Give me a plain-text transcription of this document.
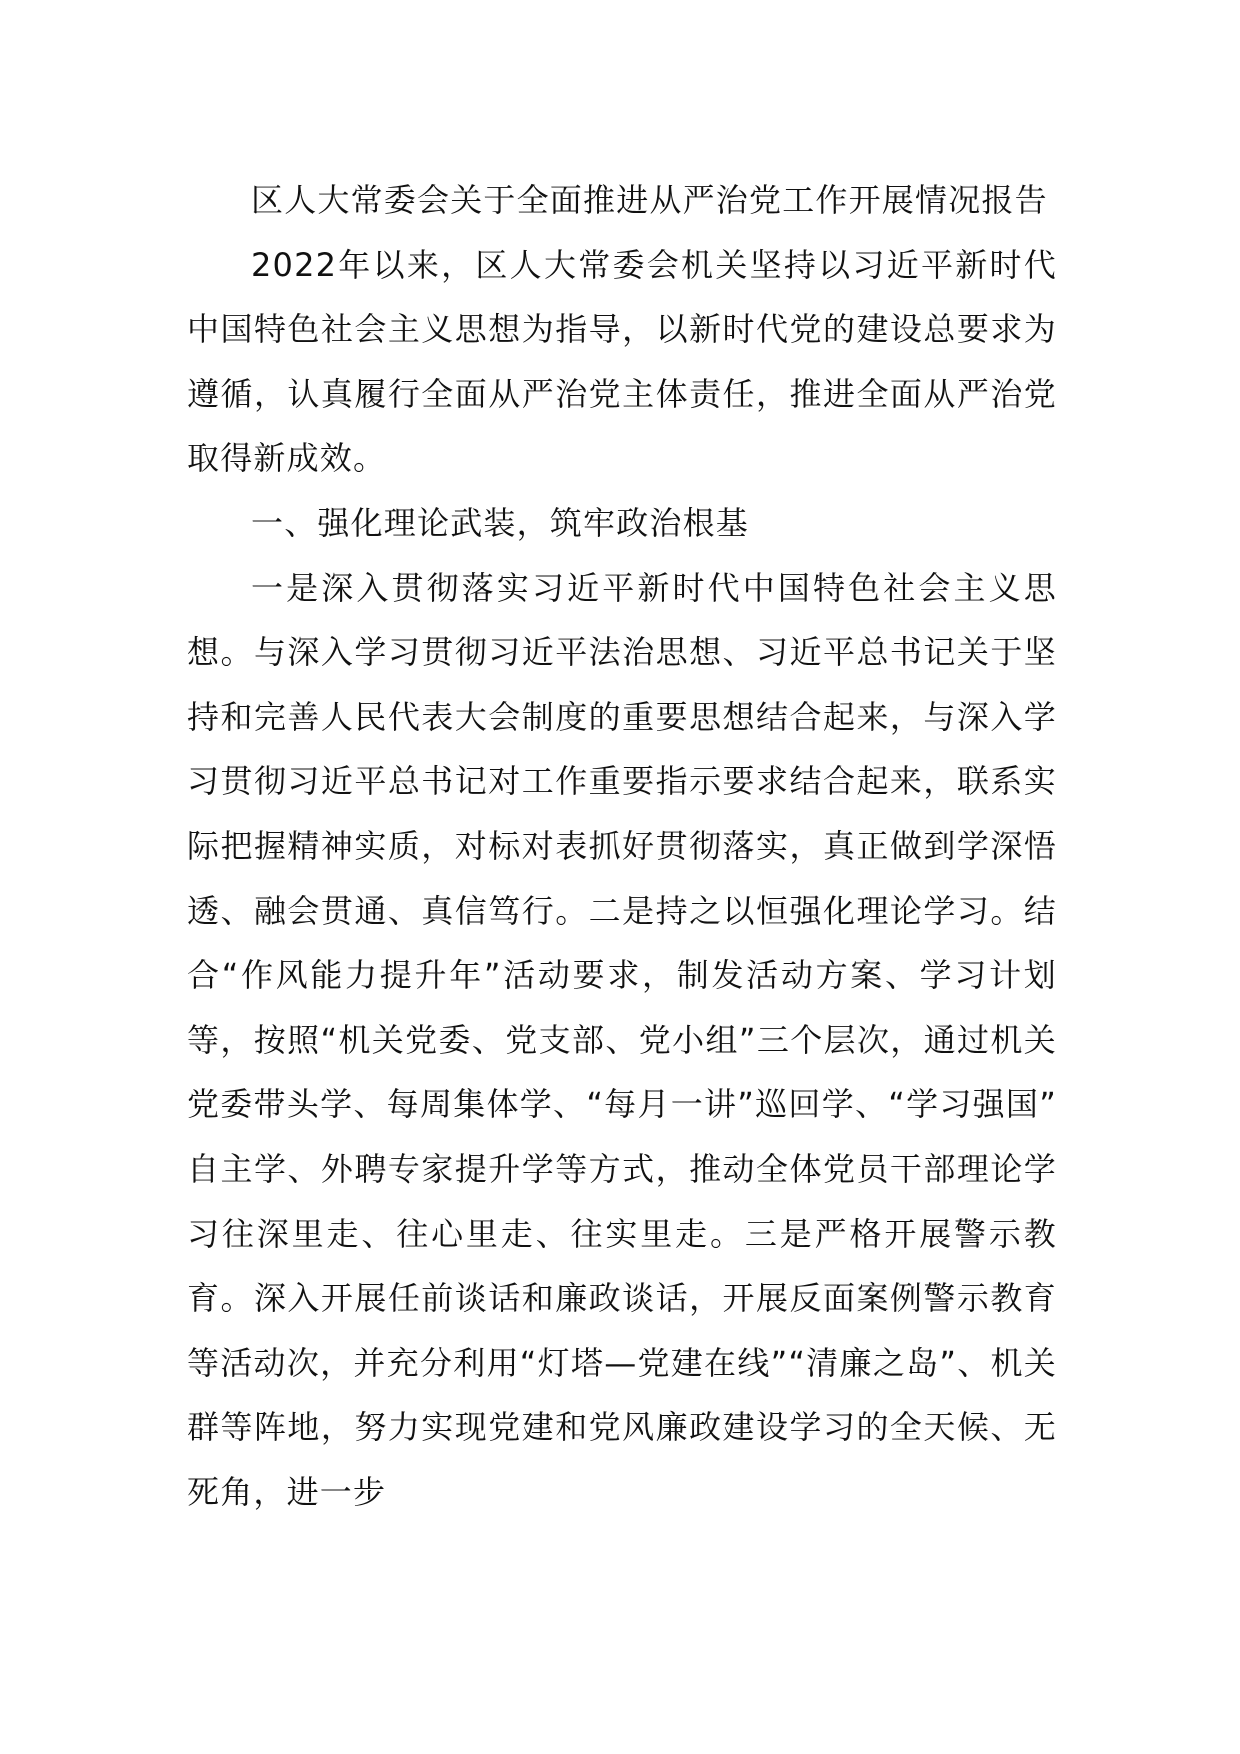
区人大常委会关于全面推进从严治党工作开展情况报告

2022年以来，区人大常委会机关坚持以习近平新时代中国特色社会主义思想为指导，以新时代党的建设总要求为遵循，认真履行全面从严治党主体责任，推进全面从严治党取得新成效。

一、强化理论武装，筑牢政治根基

一是深入贯彻落实习近平新时代中国特色社会主义思想。与深入学习贯彻习近平法治思想、习近平总书记关于坚持和完善人民代表大会制度的重要思想结合起来，与深入学习贯彻习近平总书记对工作重要指示要求结合起来，联系实际把握精神实质，对标对表抓好贯彻落实，真正做到学深悟透、融会贯通、真信笃行。二是持之以恒强化理论学习。结合“作风能力提升年”活动要求，制发活动方案、学习计划等，按照“机关党委、党支部、党小组”三个层次，通过机关党委带头学、每周集体学、“每月一讲”巡回学、“学习强国” 自主学、外聘专家提升学等方式，推动全体党员干部理论学习往深里走、往心里走、往实里走。三是严格开展警示教育。深入开展任前谈话和廉政谈话，开展反面案例警示教育等活动次，并充分利用“灯塔—党建在线”“清廉之岛”、机关群等阵地，努力实现党建和党风廉政建设学习的全天候、无死角，进一步
